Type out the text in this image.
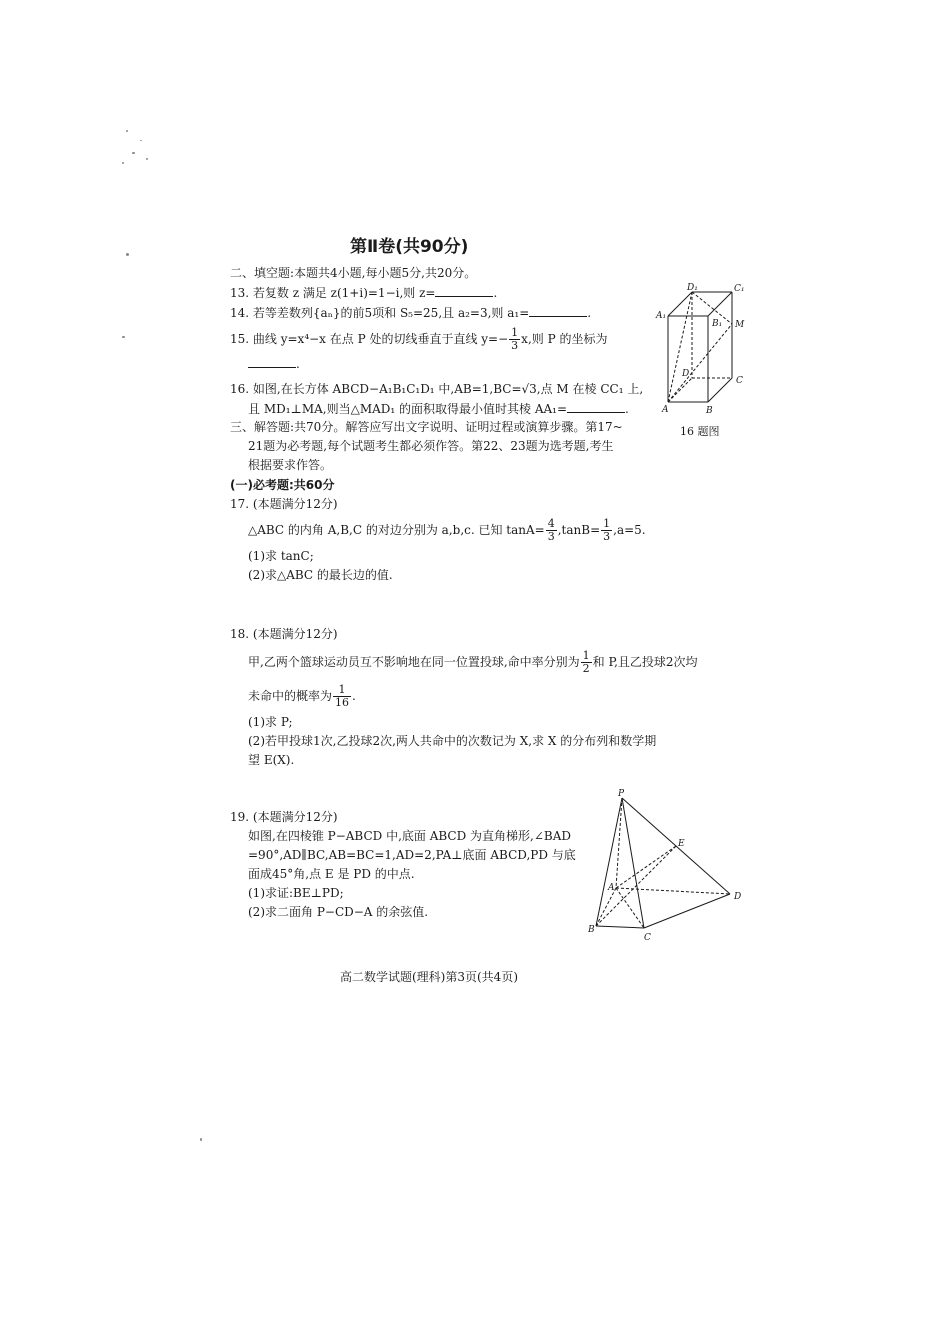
第Ⅱ卷(共90分)
二、填空题:本题共4小题,每小题5分,共20分。
13. 若复数 z 满足 z(1+i)=1−i,则 z=	.
14. 若等差数列{aₙ}的前5项和 S₅=25,且 a₂=3,则 a₁=	.
15. 曲线 y=x⁴−x 在点 P 处的切线垂直于直线 $y=- \frac{1}{3} x$,则 P 的坐标为
.
16. 如图,在长方体 ABCD−A₁B₁C₁D₁ 中,AB=1,BC=√3,点 M 在棱 CC₁ 上,
且 MD₁⊥MA,则当△MAD₁ 的面积取得最小值时其棱 AA₁=	.
D₁	C₁
A₁
B₁ M
D
C
A	B
16 题图
三、解答题:共70分。解答应写出文字说明、证明过程或演算步骤。第17~
21题为必考题,每个试题考生都必须作答。第22、23题为选考题,考生
根据要求作答。
(一)必考题:共60分
17. (本题满分12分)
△ABC 的内角 A,B,C 的对边分别为 a,b,c. 已知 $\tan A= \frac{4}{3} ,\tan B= \frac{1}{3} ,a=5$.
(1)求 tanC;
(2)求△ABC 的最长边的值.
18. (本题满分12分)
甲,乙两个篮球运动员互不影响地在同一位置投球,命中率分别为 $\frac{1}{2}$ 和 P,且乙投球2次均
未命中的概率为 $\frac{1}{16}$ .
(1)求 P;
(2)若甲投球1次,乙投球2次,两人共命中的次数记为 X,求 X 的分布列和数学期
望 E(X).
19. (本题满分12分)
如图,在四棱锥 P−ABCD 中,底面 ABCD 为直角梯形,∠BAD
=90°,AD∥BC,AB=BC=1,AD=2,PA⊥底面 ABCD,PD 与底
面成45°角,点 E 是 PD 的中点.
(1)求证:BE⊥PD;
(2)求二面角 P−CD−A 的余弦值.
P
E
A
D
B
C
高二数学试题(理科)第3页(共4页)
